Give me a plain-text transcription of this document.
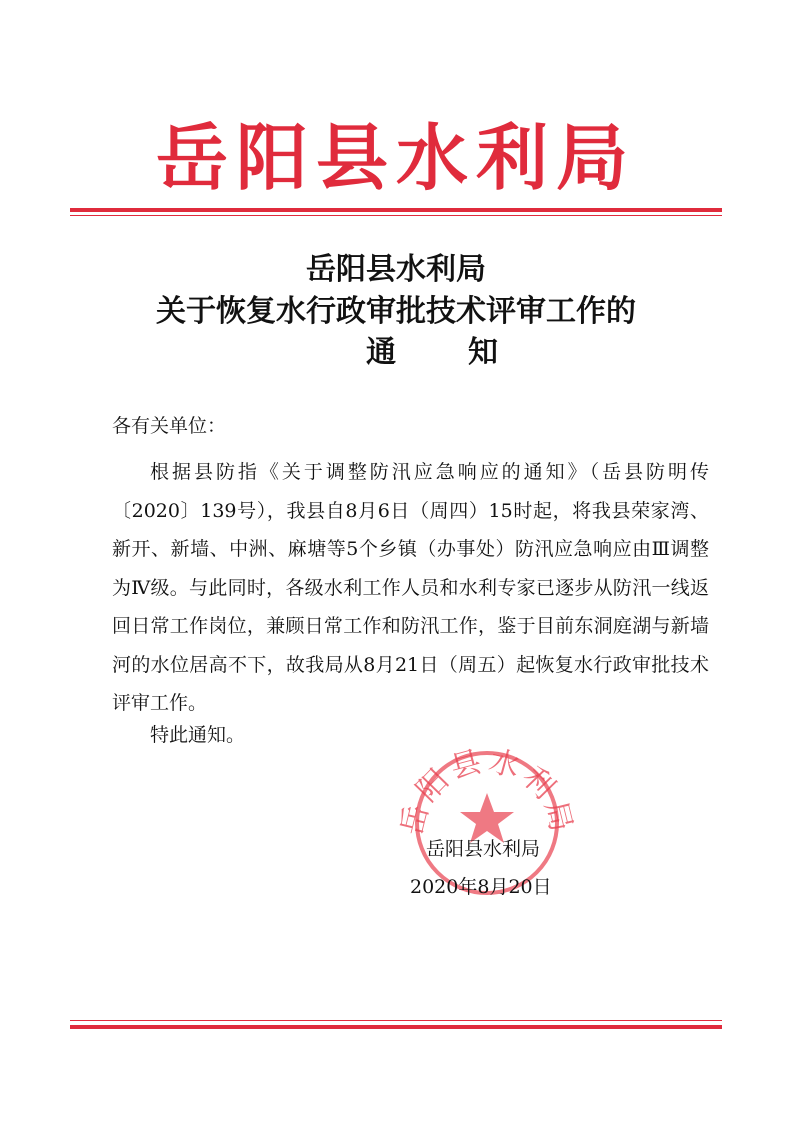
岳阳县水利局
岳阳县水利局
关于恢复水行政审批技术评审工作的
通知
各有关单位：

根据县防指《关于调整防汛应急响应的通知》（岳县防明传〔2020〕139号），我县自8月6日（周四）15时起，将我县荣家湾、新开、新墙、中洲、麻塘等5个乡镇（办事处）防汛应急响应由Ⅲ调整为Ⅳ级。与此同时，各级水利工作人员和水利专家已逐步从防汛一线返回日常工作岗位，兼顾日常工作和防汛工作，鉴于目前东洞庭湖与新墙河的水位居高不下，故我局从8月21日（周五）起恢复水行政审批技术评审工作。

特此通知。
岳阳县水利局
岳阳县水利局
2020年8月20日
